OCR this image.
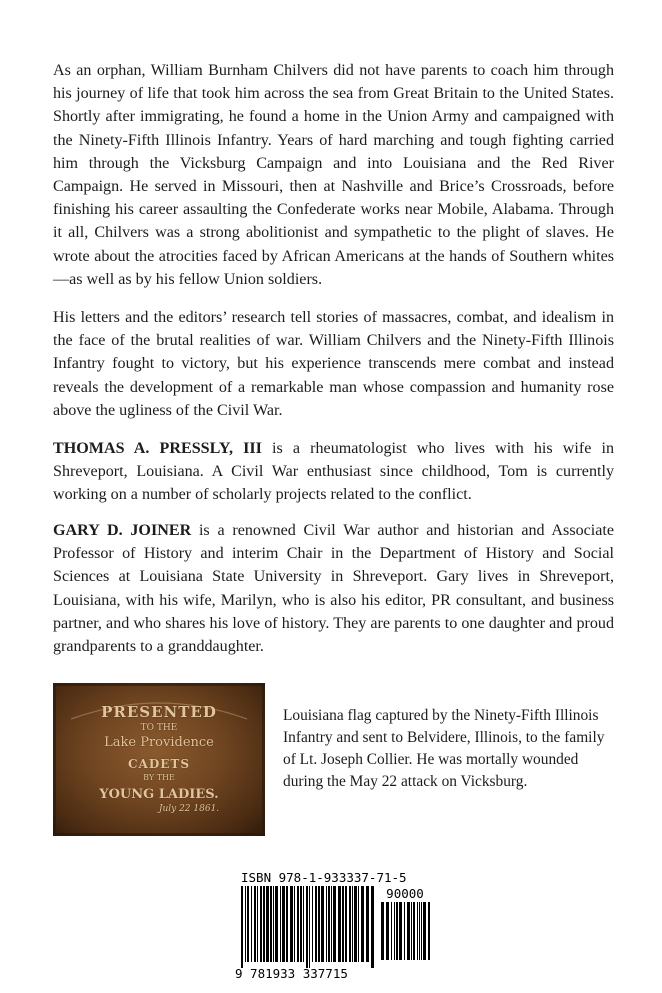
As an orphan, William Burnham Chilvers did not have parents to coach him through his journey of life that took him across the sea from Great Britain to the United States. Shortly after immigrating, he found a home in the Union Army and campaigned with the Ninety-Fifth Illinois Infantry. Years of hard marching and tough fighting carried him through the Vicksburg Campaign and into Louisiana and the Red River Campaign. He served in Missouri, then at Nashville and Brice’s Crossroads, before finishing his career assaulting the Confederate works near Mobile, Alabama. Through it all, Chilvers was a strong abolitionist and sympathetic to the plight of slaves. He wrote about the atrocities faced by African Americans at the hands of Southern whites—as well as by his fellow Union soldiers.

His letters and the editors’ research tell stories of massacres, combat, and idealism in the face of the brutal realities of war. William Chilvers and the Ninety-Fifth Illinois Infantry fought to victory, but his experience transcends mere combat and instead reveals the development of a remarkable man whose compassion and humanity rose above the ugliness of the Civil War.

THOMAS A. PRESSLY, III is a rheumatologist who lives with his wife in Shreveport, Louisiana. A Civil War enthusiast since childhood, Tom is currently working on a number of scholarly projects related to the conflict.

GARY D. JOINER is a renowned Civil War author and historian and Associate Professor of History and interim Chair in the Department of History and Social Sciences at Louisiana State University in Shreveport. Gary lives in Shreveport, Louisiana, with his wife, Marilyn, who is also his editor, PR consultant, and business partner, and who shares his love of history. They are parents to one daughter and proud grandparents to a granddaughter.

PRESENTED
TO THE
Lake Providence
CADETS
BY THE
YOUNG LADIES.
July 22 1861.

Louisiana flag captured by the Ninety-Fifth Illinois Infantry and sent to Belvidere, Illinois, to the family of Lt. Joseph Collier. He was mortally wounded during the May 22 attack on Vicksburg.

ISBN 978-1-933337-71-5
90000
9 781933 337715
